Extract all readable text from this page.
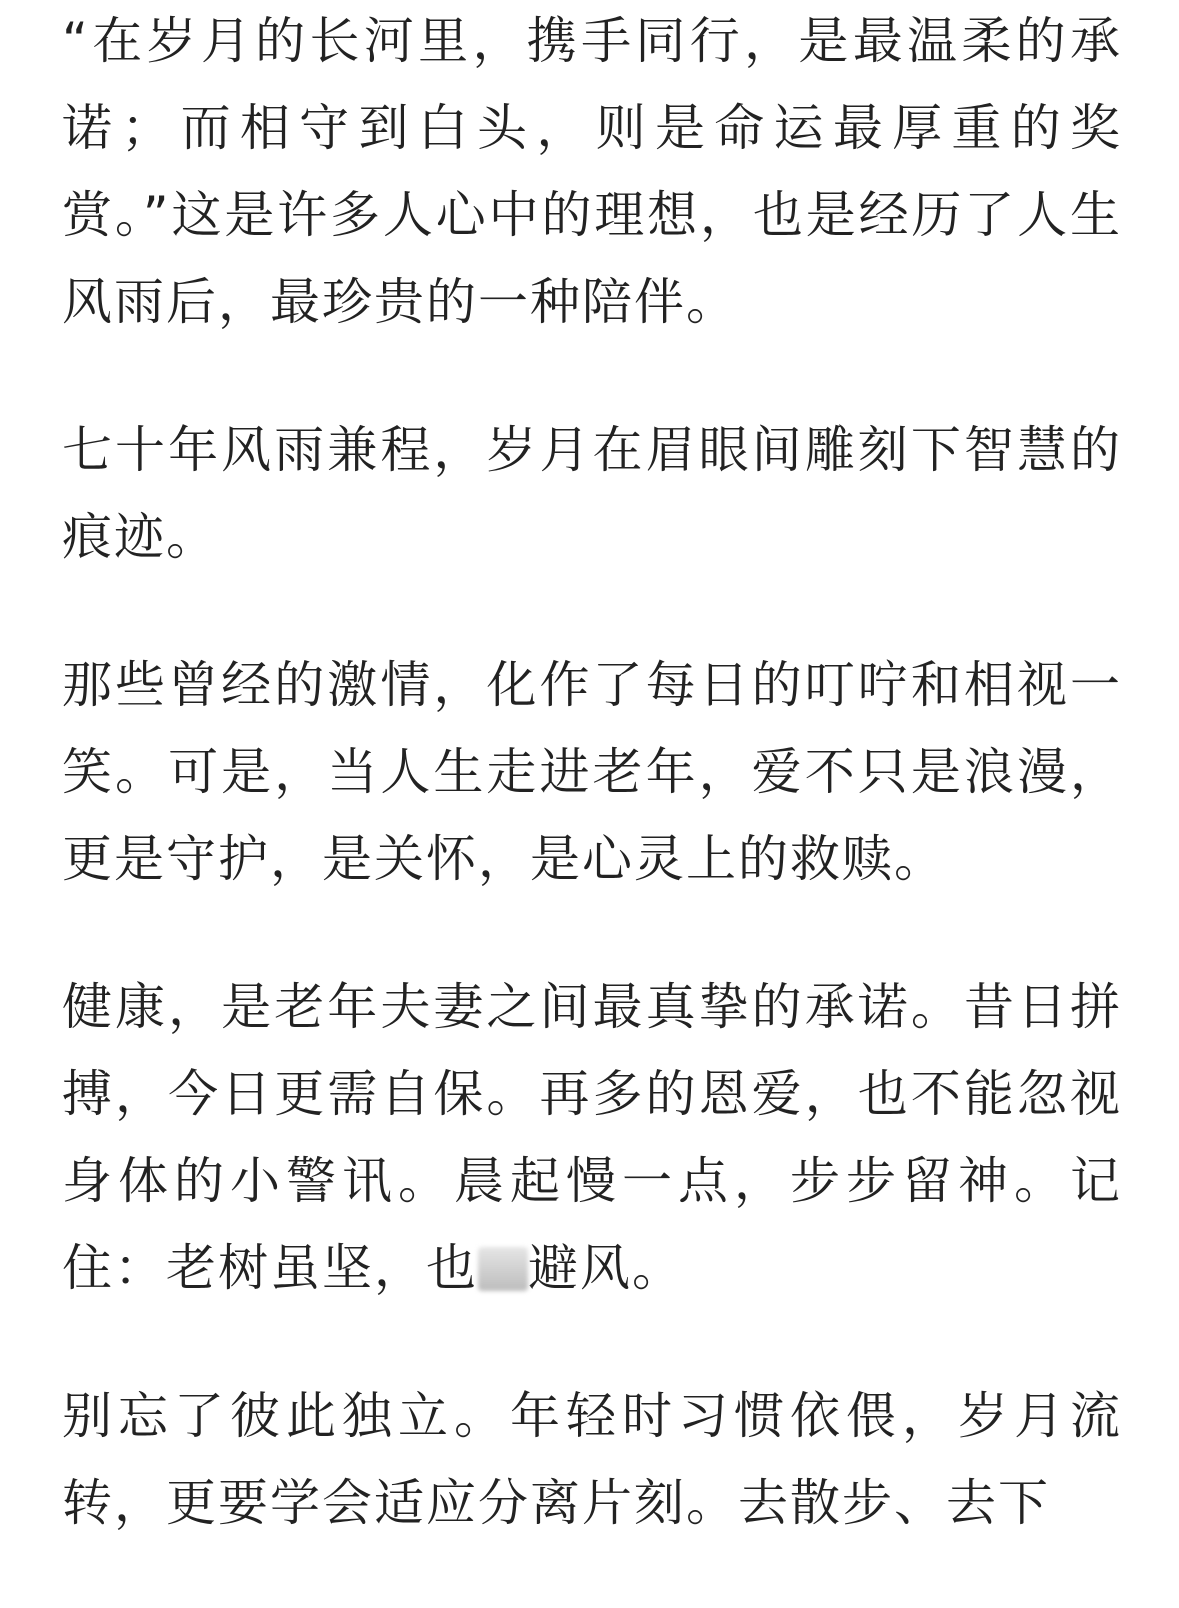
“在岁月的长河里，携手同行，是最温柔的承诺；而相守到白头，则是命运最厚重的奖赏。”这是许多人心中的理想，也是经历了人生风雨后，最珍贵的一种陪伴。

七十年风雨兼程，岁月在眉眼间雕刻下智慧的痕迹。

那些曾经的激情，化作了每日的叮咛和相视一笑。可是，当人生走进老年，爱不只是浪漫，更是守护，是关怀，是心灵上的救赎。

健康，是老年夫妻之间最真挚的承诺。昔日拼搏，今日更需自保。再多的恩爱，也不能忽视身体的小警讯。晨起慢一点，步步留神。记住：老树虽坚，也 避风。

别忘了彼此独立。年轻时习惯依偎，岁月流转，更要学会适应分离片刻。去散步、去下
